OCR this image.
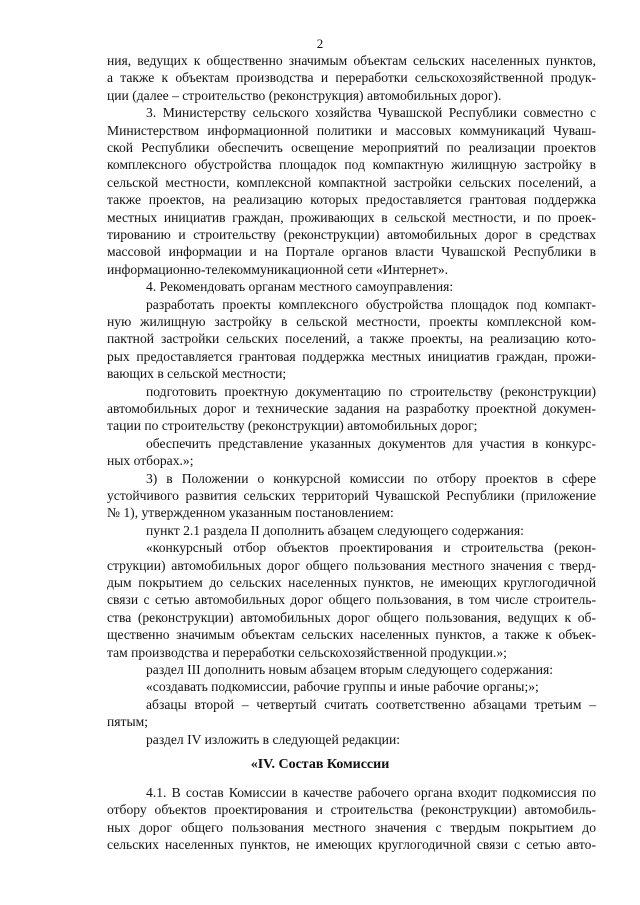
2
ния, ведущих к общественно значимым объектам сельских населенных пунктов,
а также к объектам производства и переработки сельскохозяйственной продук-
ции (далее – строительство (реконструкция) автомобильных дорог).
3. Министерству сельского хозяйства Чувашской Республики совместно с
Министерством информационной политики и массовых коммуникаций Чуваш-
ской Республики обеспечить освещение мероприятий по реализации проектов
комплексного обустройства площадок под компактную жилищную застройку в
сельской местности, комплексной компактной застройки сельских поселений, а
также проектов, на реализацию которых предоставляется грантовая поддержка
местных инициатив граждан, проживающих в сельской местности, и по проек-
тированию и строительству (реконструкции) автомобильных дорог в средствах
массовой информации и на Портале органов власти Чувашской Республики в
информационно-телекоммуникационной сети «Интернет».
4. Рекомендовать органам местного самоуправления:
разработать проекты комплексного обустройства площадок под компакт-
ную жилищную застройку в сельской местности, проекты комплексной ком-
пактной застройки сельских поселений, а также проекты, на реализацию кото-
рых предоставляется грантовая поддержка местных инициатив граждан, прожи-
вающих в сельской местности;
подготовить проектную документацию по строительству (реконструкции)
автомобильных дорог и технические задания на разработку проектной докумен-
тации по строительству (реконструкции) автомобильных дорог;
обеспечить представление указанных документов для участия в конкурс-
ных отборах.»;
3) в Положении о конкурсной комиссии по отбору проектов в сфере
устойчивого развития сельских территорий Чувашской Республики (приложение
№ 1), утвержденном указанным постановлением:
пункт 2.1 раздела II дополнить абзацем следующего содержания:
«конкурсный отбор объектов проектирования и строительства (рекон-
струкции) автомобильных дорог общего пользования местного значения с тверд-
дым покрытием до сельских населенных пунктов, не имеющих круглогодичной
связи с сетью автомобильных дорог общего пользования, в том числе строитель-
ства (реконструкции) автомобильных дорог общего пользования, ведущих к об-
щественно значимым объектам сельских населенных пунктов, а также к объек-
там производства и переработки сельскохозяйственной продукции.»;
раздел III дополнить новым абзацем вторым следующего содержания:
«создавать подкомиссии, рабочие группы и иные рабочие органы;»;
абзацы второй – четвертый считать соответственно абзацами третьим –
пятым;
раздел IV изложить в следующей редакции:
«IV. Состав Комиссии
4.1. В состав Комиссии в качестве рабочего органа входит подкомиссия по
отбору объектов проектирования и строительства (реконструкции) автомобиль-
ных дорог общего пользования местного значения с твердым покрытием до
сельских населенных пунктов, не имеющих круглогодичной связи с сетью авто-
